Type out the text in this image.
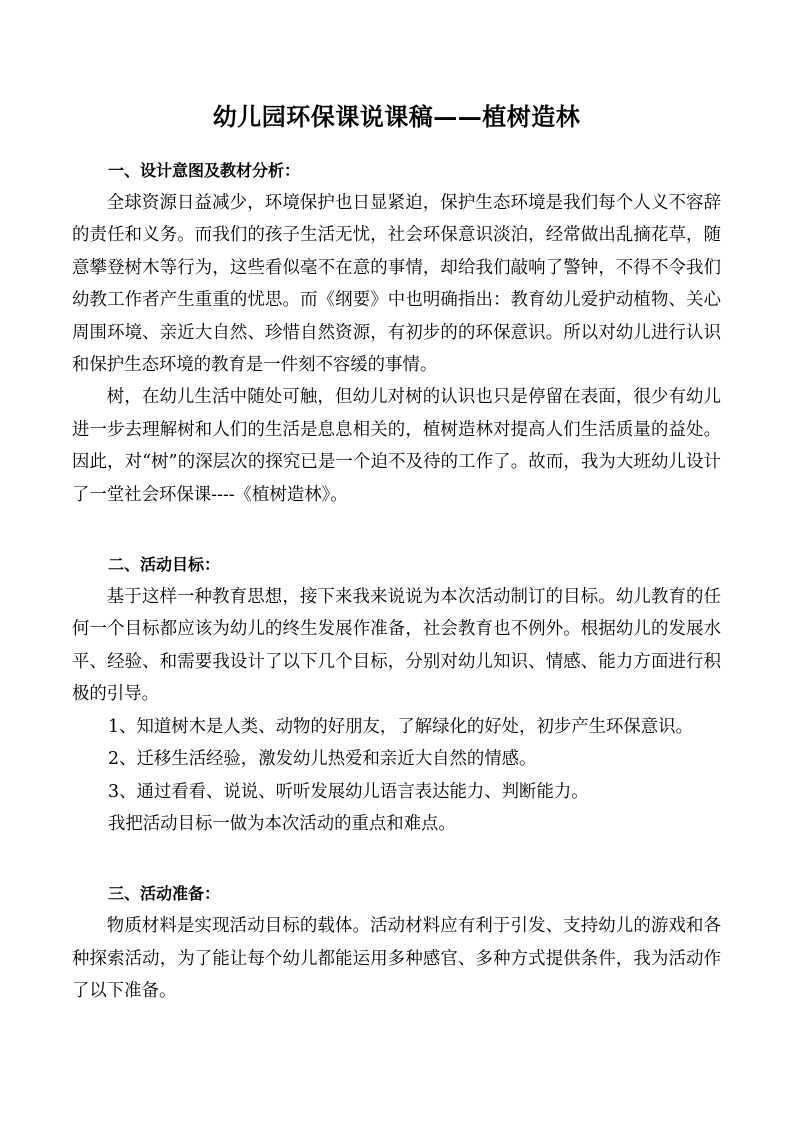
幼儿园环保课说课稿——植树造林
一、设计意图及教材分析：

全球资源日益减少，环境保护也日显紧迫，保护生态环境是我们每个人义不容辞的责任和义务。而我们的孩子生活无忧，社会环保意识淡泊，经常做出乱摘花草，随意攀登树木等行为，这些看似毫不在意的事情，却给我们敲响了警钟，不得不令我们幼教工作者产生重重的忧思。而《纲要》中也明确指出：教育幼儿爱护动植物、关心周围环境、亲近大自然、珍惜自然资源，有初步的的环保意识。所以对幼儿进行认识和保护生态环境的教育是一件刻不容缓的事情。

树，在幼儿生活中随处可触，但幼儿对树的认识也只是停留在表面，很少有幼儿进一步去理解树和人们的生活是息息相关的，植树造林对提高人们生活质量的益处。因此，对“树”的深层次的探究已是一个迫不及待的工作了。故而，我为大班幼儿设计了一堂社会环保课----《植树造林》。

二、活动目标：

基于这样一种教育思想，接下来我来说说为本次活动制订的目标。幼儿教育的任何一个目标都应该为幼儿的终生发展作准备，社会教育也不例外。根据幼儿的发展水平、经验、和需要我设计了以下几个目标，分别对幼儿知识、情感、能力方面进行积极的引导。

1、知道树木是人类、动物的好朋友，了解绿化的好处，初步产生环保意识。

2、迁移生活经验，激发幼儿热爱和亲近大自然的情感。

3、通过看看、说说、听听发展幼儿语言表达能力、判断能力。

我把活动目标一做为本次活动的重点和难点。

三、活动准备：

物质材料是实现活动目标的载体。活动材料应有利于引发、支持幼儿的游戏和各种探索活动，为了能让每个幼儿都能运用多种感官、多种方式提供条件，我为活动作了以下准备。
